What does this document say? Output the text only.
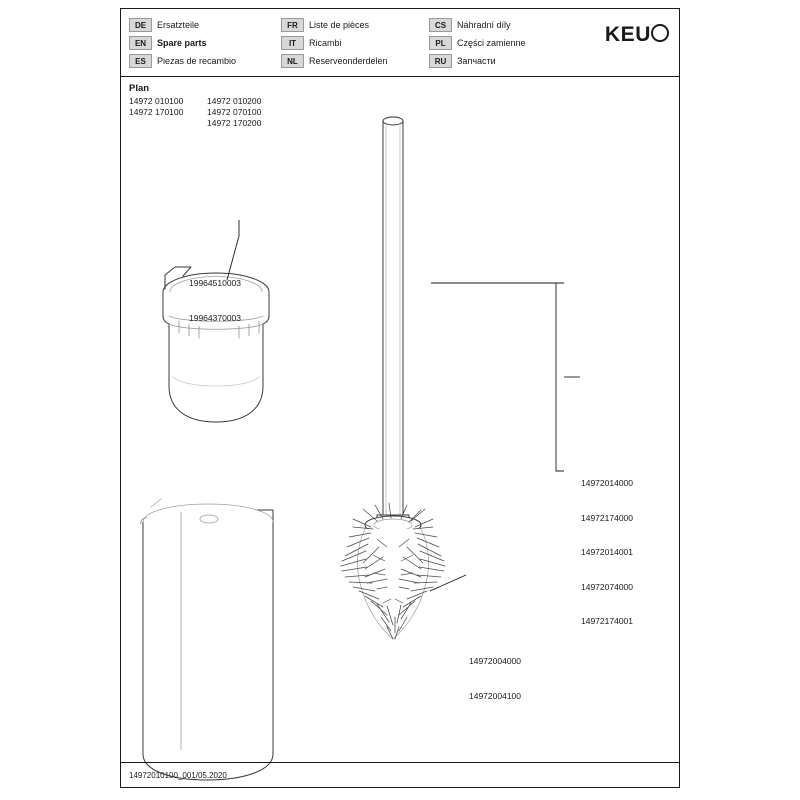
DE	Ersatzteile	FR	Liste de pièces	CS	Náhradní díly
EN	Spare parts	IT	Ricambi	PL	Części zamienne
ES	Piezas de recambio	NL	Reserveonderdelen	RU	Запчасти
KEU
Plan
14972 010100
14972 170100
14972 010200
14972 070100
14972 170200

19964510003

19964370003

14972014000

14972174000

14972014001

14972074000

14972174001

14972004000

14972004100

14972010100_001/05.2020
